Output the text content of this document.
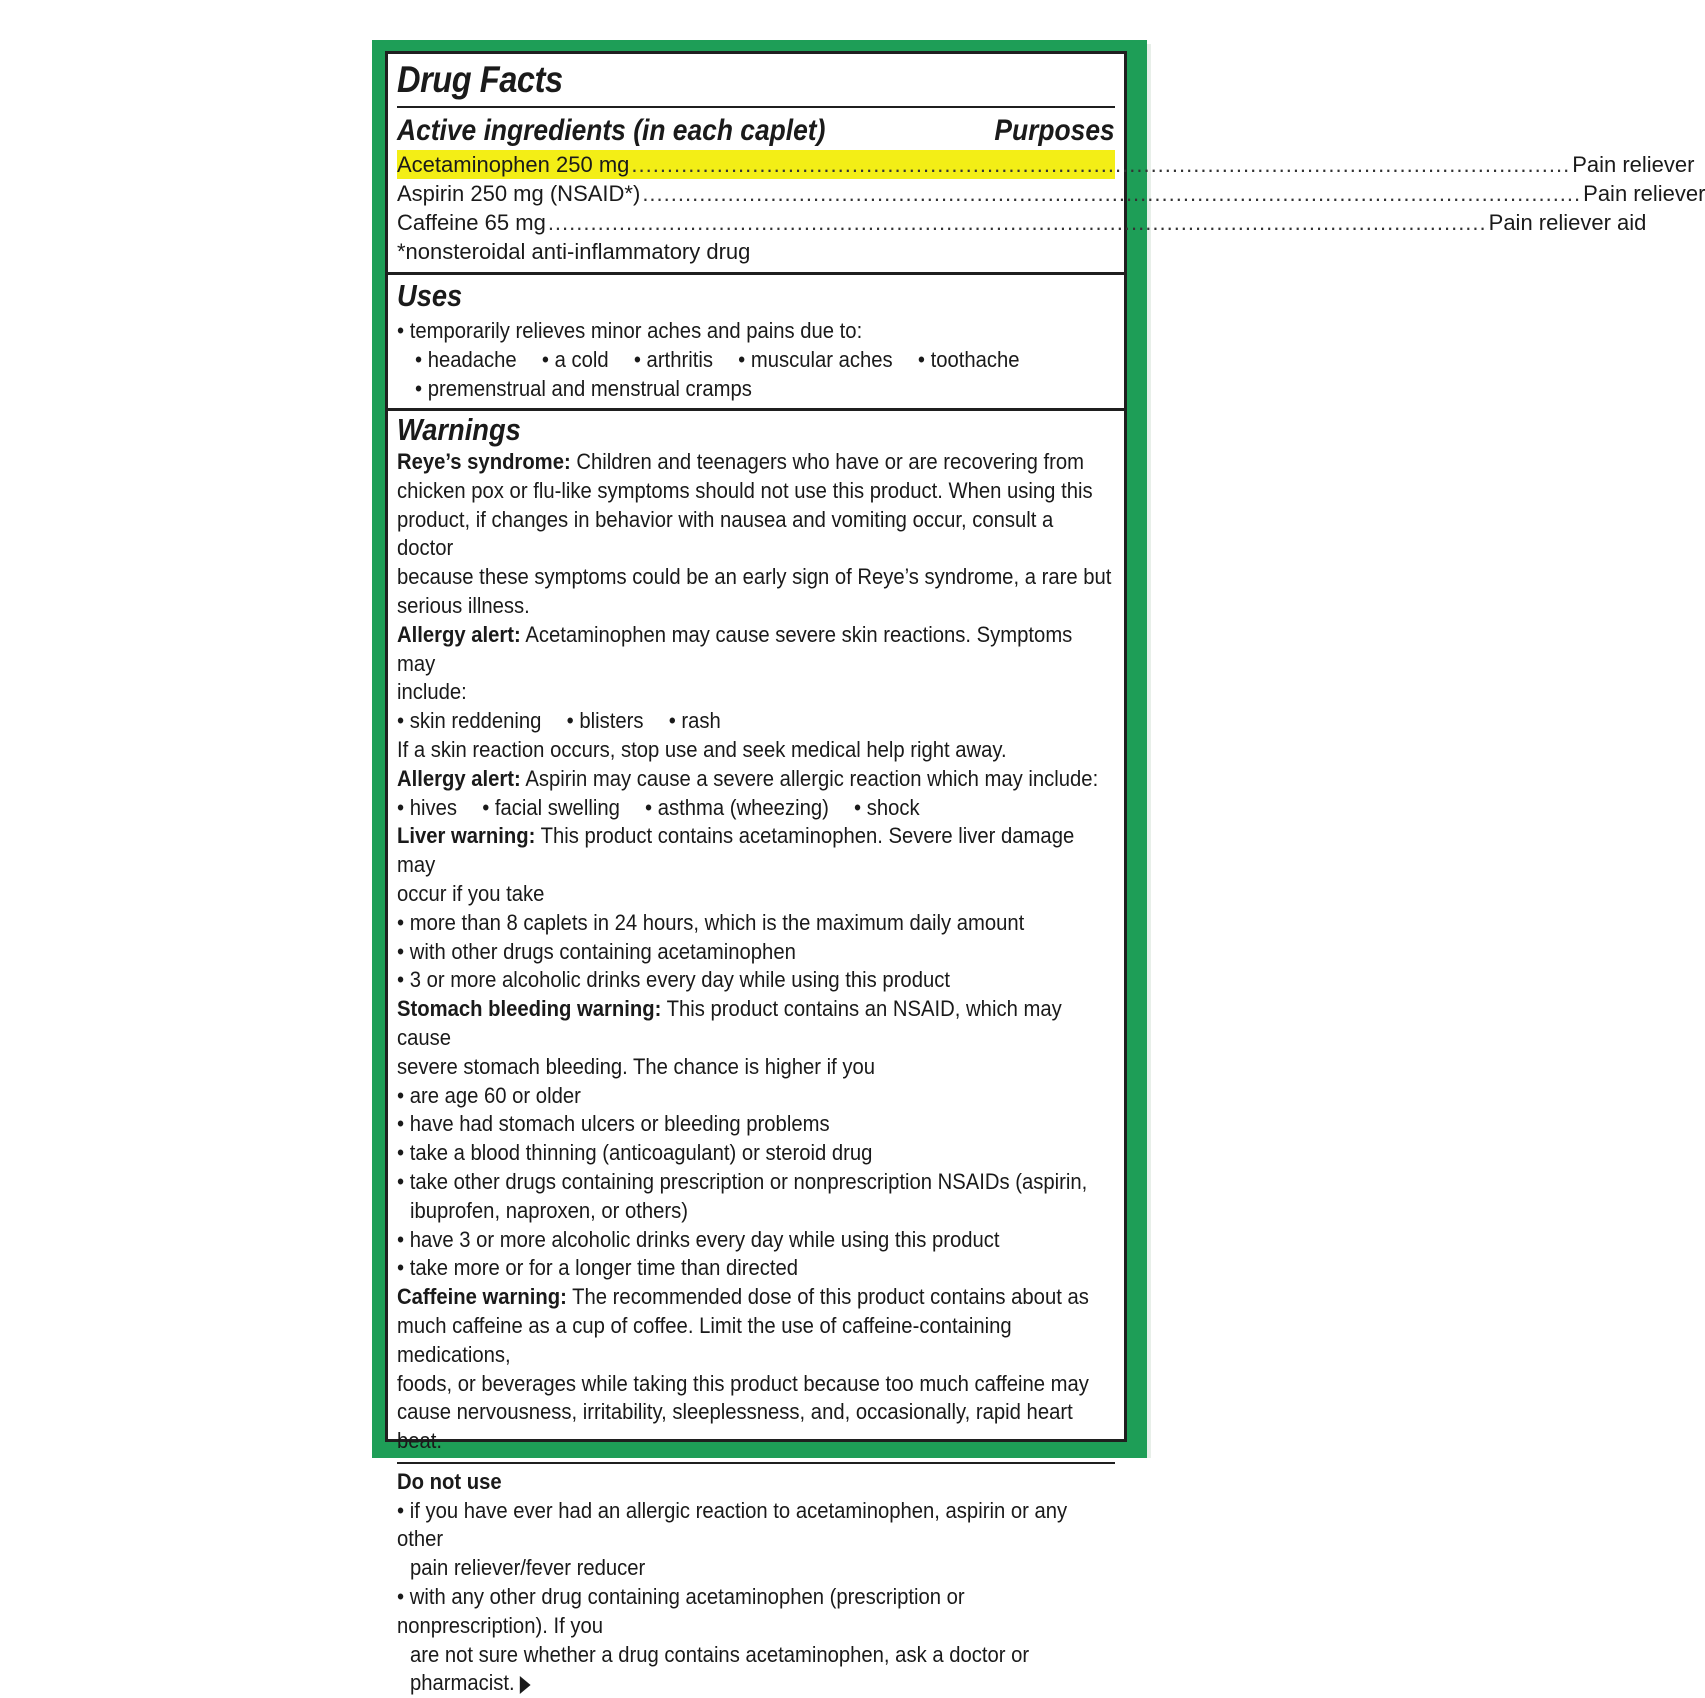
Drug Facts
Active ingredients (in each caplet)	Purposes
Acetaminophen 250 mg .................................................................................................................................... Pain reliever
Aspirin 250 mg (NSAID*) .................................................................................................................................... Pain reliever
Caffeine 65 mg .................................................................................................................................... Pain reliever aid
*nonsteroidal anti-inflammatory drug
Uses
• temporarily relieves minor aches and pains due to:
• headache • a cold • arthritis • muscular aches • toothache
• premenstrual and menstrual cramps
Warnings
Reye’s syndrome: Children and teenagers who have or are recovering from
chicken pox or flu-like symptoms should not use this product. When using this
product, if changes in behavior with nausea and vomiting occur, consult a doctor
because these symptoms could be an early sign of Reye’s syndrome, a rare but
serious illness.
Allergy alert: Acetaminophen may cause severe skin reactions. Symptoms may
include:
• skin reddening • blisters • rash
If a skin reaction occurs, stop use and seek medical help right away.
Allergy alert: Aspirin may cause a severe allergic reaction which may include:
• hives • facial swelling • asthma (wheezing) • shock
Liver warning: This product contains acetaminophen. Severe liver damage may
occur if you take
• more than 8 caplets in 24 hours, which is the maximum daily amount
• with other drugs containing acetaminophen
• 3 or more alcoholic drinks every day while using this product
Stomach bleeding warning: This product contains an NSAID, which may cause
severe stomach bleeding. The chance is higher if you
• are age 60 or older
• have had stomach ulcers or bleeding problems
• take a blood thinning (anticoagulant) or steroid drug
• take other drugs containing prescription or nonprescription NSAIDs (aspirin,
ibuprofen, naproxen, or others)
• have 3 or more alcoholic drinks every day while using this product
• take more or for a longer time than directed
Caffeine warning: The recommended dose of this product contains about as
much caffeine as a cup of coffee. Limit the use of caffeine-containing medications,
foods, or beverages while taking this product because too much caffeine may
cause nervousness, irritability, sleeplessness, and, occasionally, rapid heart beat.
Do not use
• if you have ever had an allergic reaction to acetaminophen, aspirin or any other
pain reliever/fever reducer
• with any other drug containing acetaminophen (prescription or nonprescription). If you
are not sure whether a drug contains acetaminophen, ask a doctor or pharmacist.
